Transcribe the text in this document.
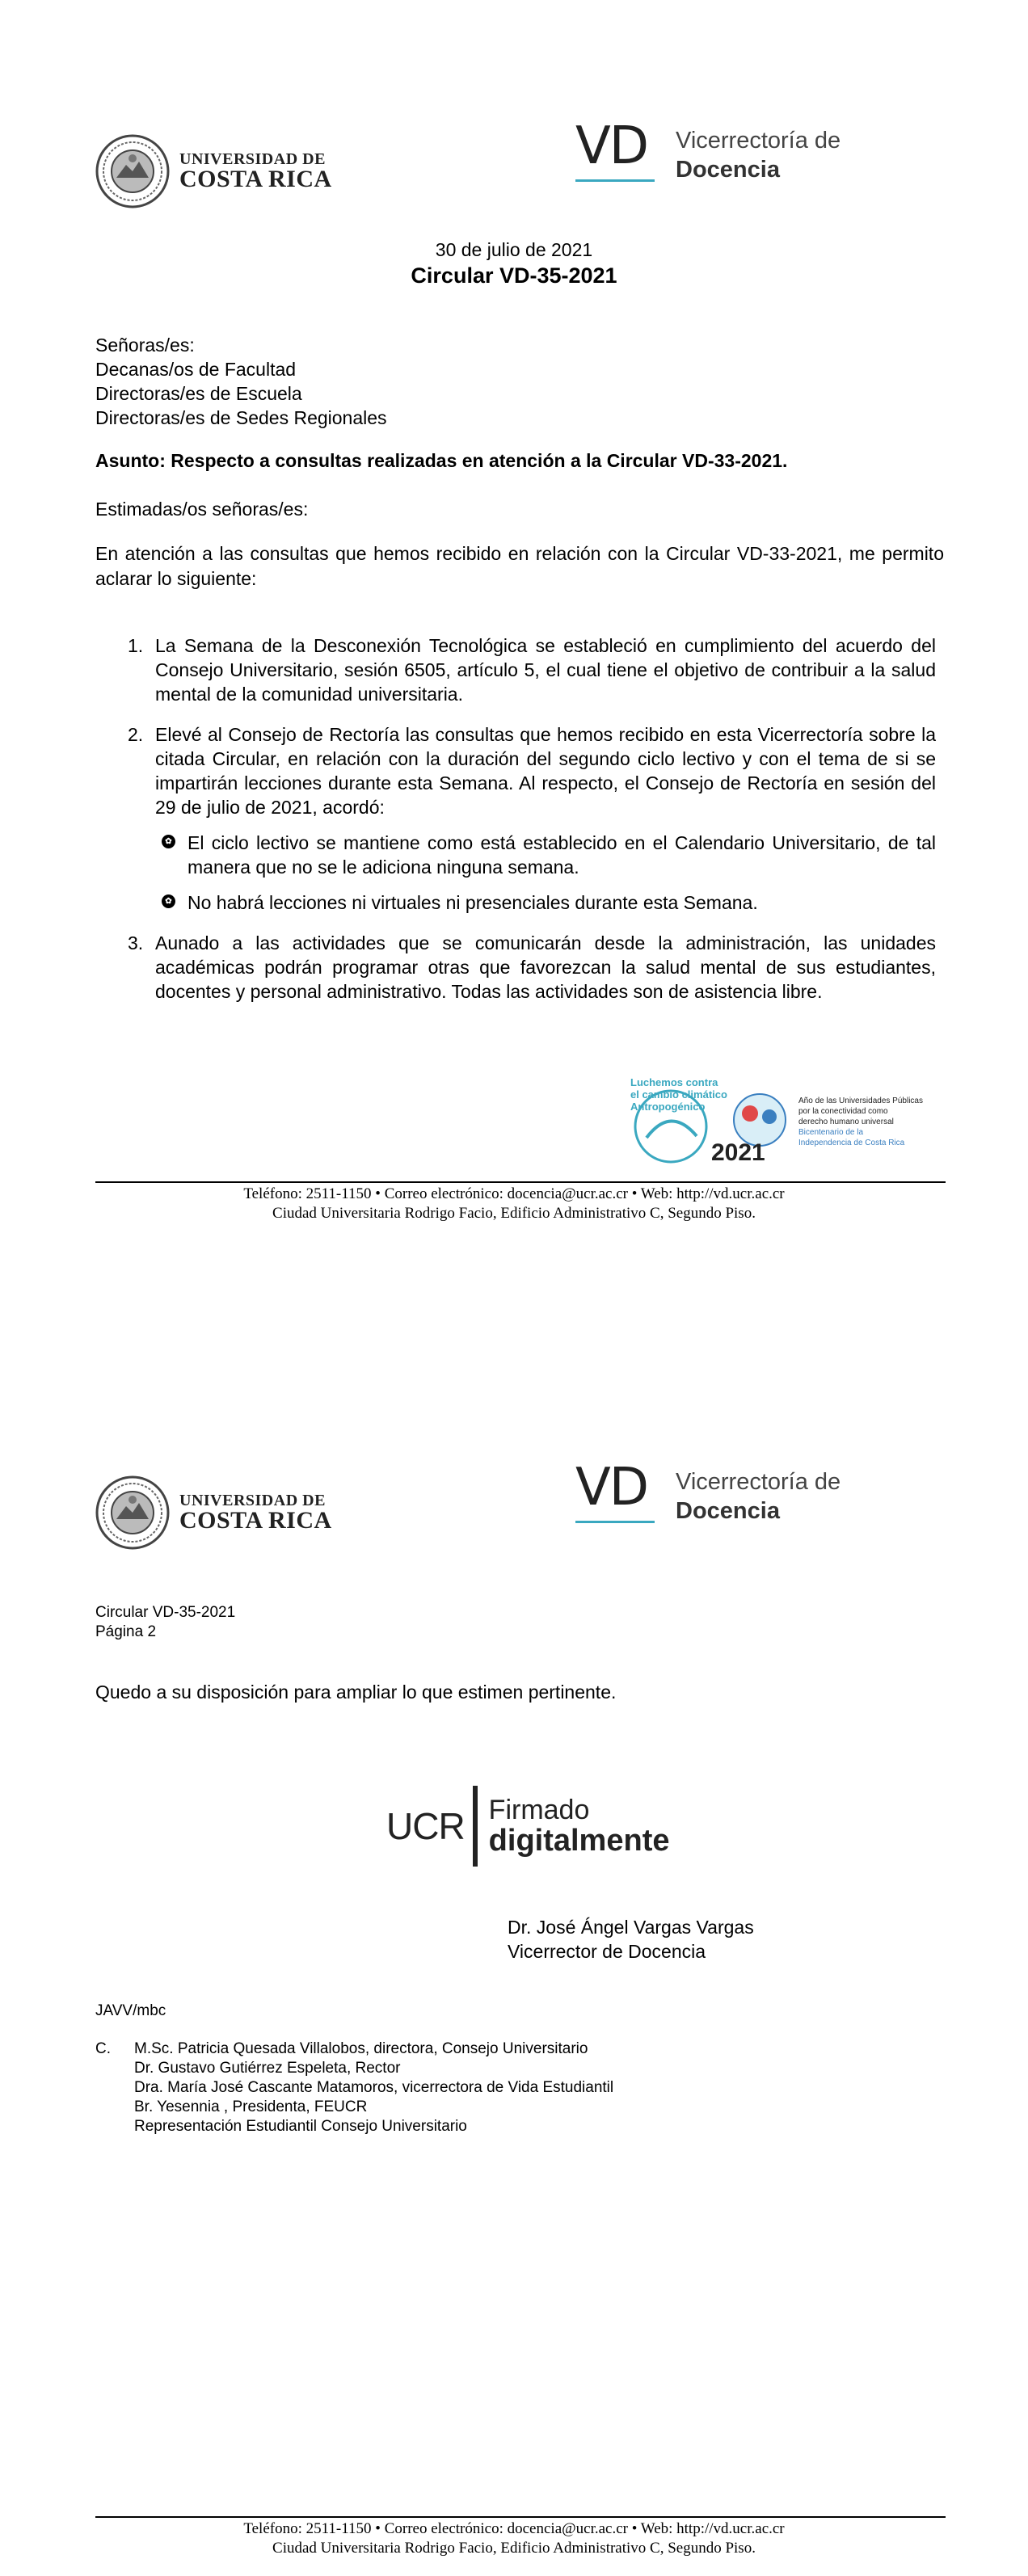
UNIVERSIDAD DE
COSTA RICA
VD	Vicerrectoría de
Docencia
30 de julio de 2021
Circular VD-35-2021
Señoras/es:
Decanas/os de Facultad
Directoras/es de Escuela
Directoras/es de Sedes Regionales
Asunto: Respecto a consultas realizadas en atención a la Circular VD-33-2021.
Estimadas/os señoras/es:
En atención a las consultas que hemos recibido en relación con la Circular VD-33-2021, me permito aclarar lo siguiente:
1. La Semana de la Desconexión Tecnológica se estableció en cumplimiento del acuerdo del Consejo Universitario, sesión 6505, artículo 5, el cual tiene el objetivo de contribuir a la salud mental de la comunidad universitaria.
2. Elevé al Consejo de Rectoría las consultas que hemos recibido en esta Vicerrectoría sobre la citada Circular, en relación con la duración del segundo ciclo lectivo y con el tema de si se impartirán lecciones durante esta Semana. Al respecto, el Consejo de Rectoría en sesión del 29 de julio de 2021, acordó:
✿ El ciclo lectivo se mantiene como está establecido en el Calendario Universitario, de tal manera que no se le adiciona ninguna semana.
✿ No habrá lecciones ni virtuales ni presenciales durante esta Semana.
3. Aunado a las actividades que se comunicarán desde la administración, las unidades académicas podrán programar otras que favorezcan la salud mental de sus estudiantes, docentes y personal administrativo. Todas las actividades son de asistencia libre.
Luchemos contra
el cambio climático
Antropogénico
2021
Año de las Universidades Públicas
por la conectividad como
derecho humano universal
Bicentenario de la
Independencia de Costa Rica
Teléfono: 2511-1150 • Correo electrónico: docencia@ucr.ac.cr • Web: http://vd.ucr.ac.cr
Ciudad Universitaria Rodrigo Facio, Edificio Administrativo C, Segundo Piso.
UNIVERSIDAD DE
COSTA RICA
VD	Vicerrectoría de
Docencia
Circular VD-35-2021
Página 2
Quedo a su disposición para ampliar lo que estimen pertinente.
UCR Firmado
digitalmente
Dr. José Ángel Vargas Vargas
Vicerrector de Docencia
JAVV/mbc
C. M.Sc. Patricia Quesada Villalobos, directora, Consejo Universitario
Dr. Gustavo Gutiérrez Espeleta, Rector
Dra. María José Cascante Matamoros, vicerrectora de Vida Estudiantil
Br. Yesennia , Presidenta, FEUCR
Representación Estudiantil Consejo Universitario
Teléfono: 2511-1150 • Correo electrónico: docencia@ucr.ac.cr • Web: http://vd.ucr.ac.cr
Ciudad Universitaria Rodrigo Facio, Edificio Administrativo C, Segundo Piso.
